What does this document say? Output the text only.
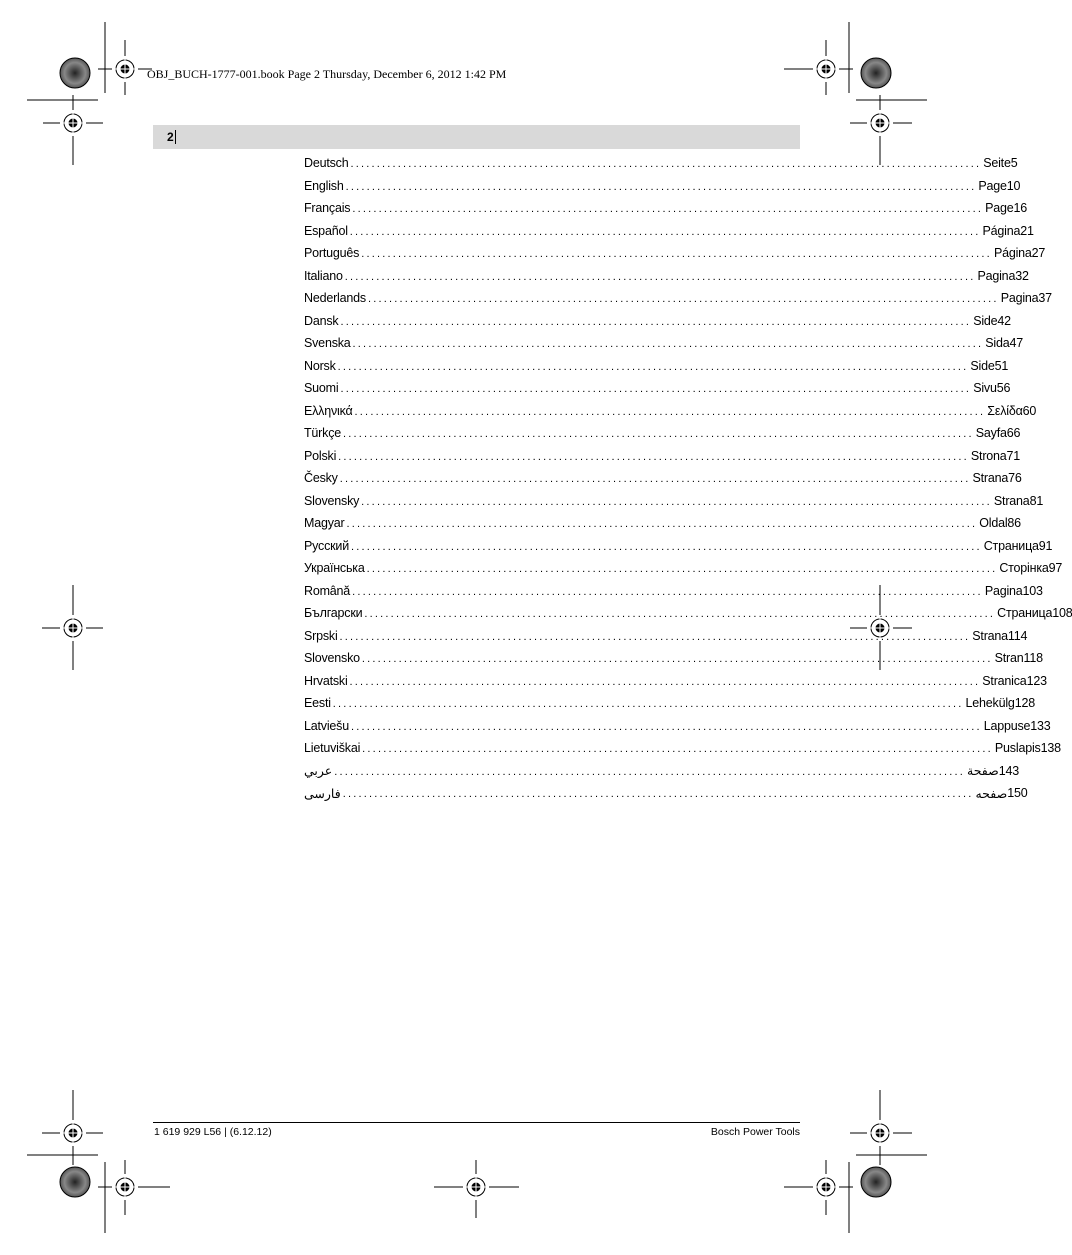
OBJ_BUCH-1777-001.book Page 2 Thursday, December 6, 2012 1:42 PM
2
Deutsch ........................................................................................................................ Seite 5
English ........................................................................................................................ Page 10
Français ........................................................................................................................ Page 16
Español ........................................................................................................................ Página 21
Português ........................................................................................................................ Página 27
Italiano ........................................................................................................................ Pagina 32
Nederlands ........................................................................................................................ Pagina 37
Dansk ........................................................................................................................ Side 42
Svenska ........................................................................................................................ Sida 47
Norsk ........................................................................................................................ Side 51
Suomi ........................................................................................................................ Sivu 56
Ελληνικά ........................................................................................................................ Σελίδα 60
Türkçe ........................................................................................................................ Sayfa 66
Polski ........................................................................................................................ Strona 71
Česky ........................................................................................................................ Strana 76
Slovensky ........................................................................................................................ Strana 81
Magyar ........................................................................................................................ Oldal 86
Русский ........................................................................................................................ Страница 91
Українська ........................................................................................................................ Сторінка 97
Română ........................................................................................................................ Pagina 103
Български ........................................................................................................................ Страница 108
Srpski ........................................................................................................................ Strana 114
Slovensko ........................................................................................................................ Stran 118
Hrvatski ........................................................................................................................ Stranica 123
Eesti ........................................................................................................................ Lehekülg 128
Latviešu ........................................................................................................................ Lappuse 133
Lietuviškai ........................................................................................................................ Puslapis 138
عربي ........................................................................................................................ صفحة 143
فارسی ........................................................................................................................ صفحه 150
1 619 929 L56 | (6.12.12)	Bosch Power Tools
